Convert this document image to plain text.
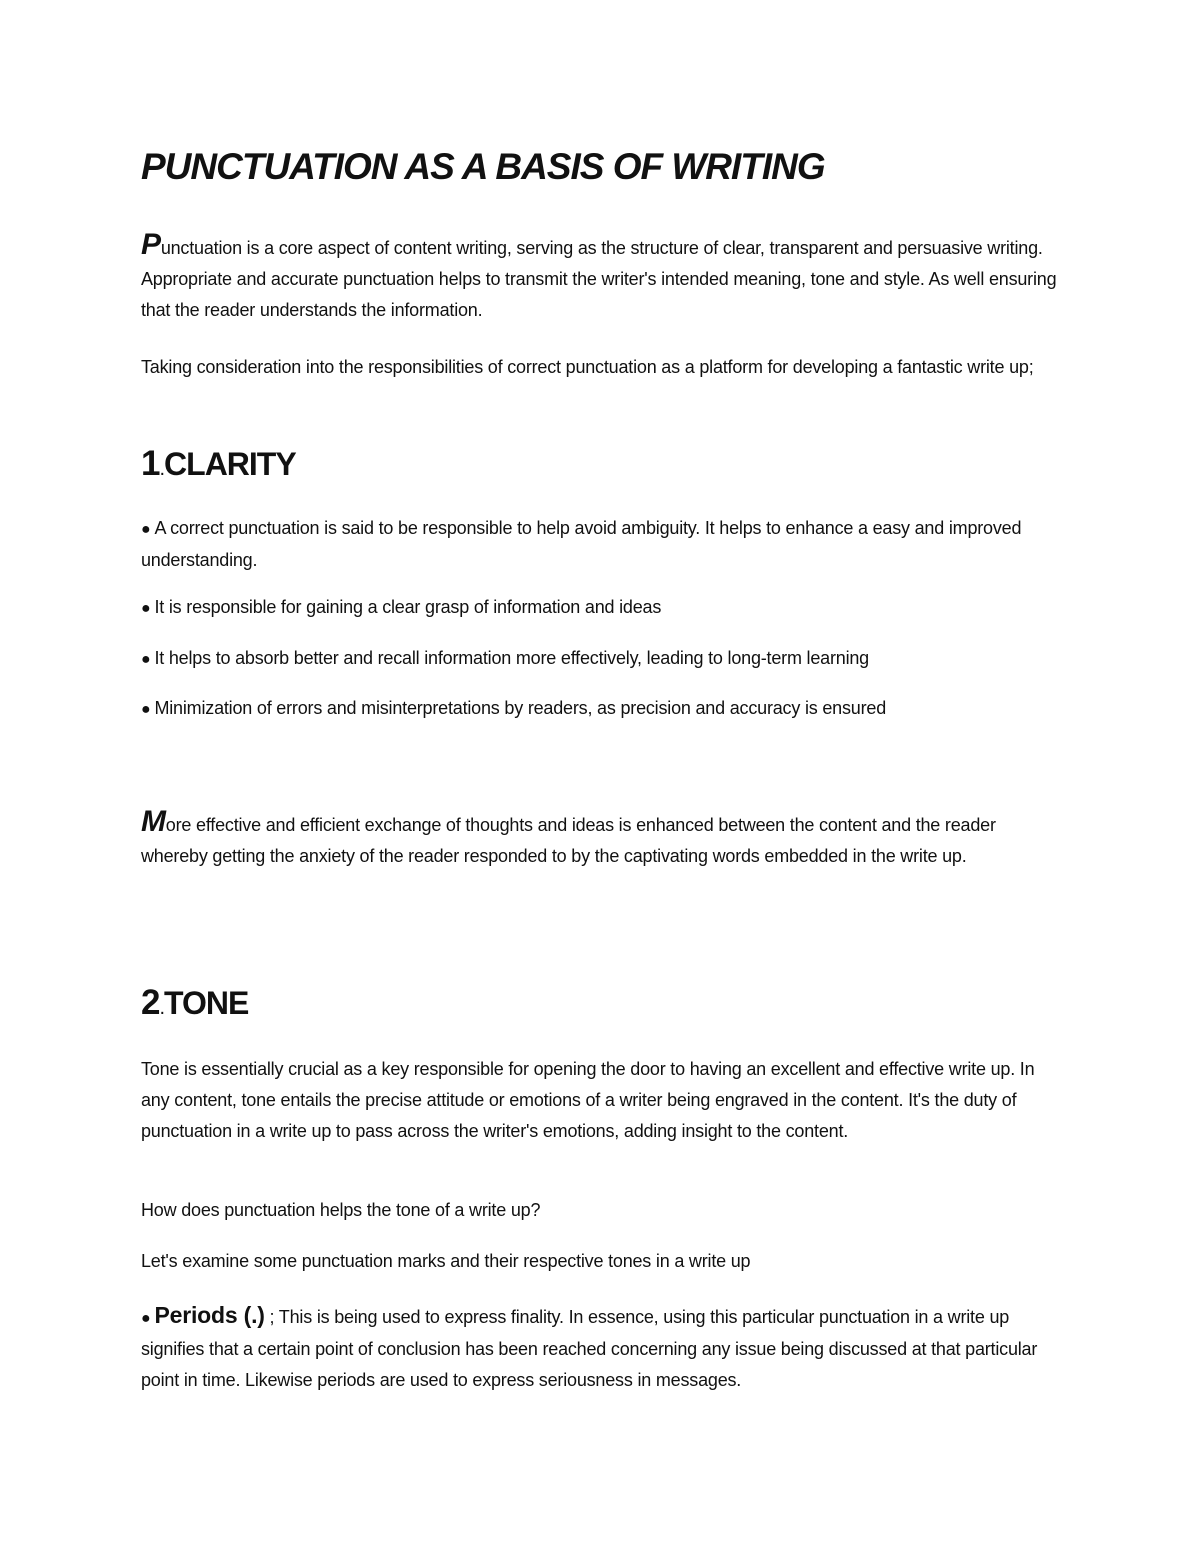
PUNCTUATION AS A BASIS OF WRITING

Punctuation is a core aspect of content writing, serving as the structure of clear, transparent and persuasive writing. Appropriate and accurate punctuation helps to transmit the writer's intended meaning, tone and style. As well ensuring that the reader understands the information.

Taking consideration into the responsibilities of correct punctuation as a platform for developing a fantastic write up;

1.CLARITY

● A correct punctuation is said to be responsible to help avoid ambiguity. It helps to enhance a easy and improved understanding.

● It is responsible for gaining a clear grasp of information and ideas

● It helps to absorb better and recall information more effectively, leading to long-term learning

● Minimization of errors and misinterpretations by readers, as precision and accuracy is ensured

More effective and efficient exchange of thoughts and ideas is enhanced between the content and the reader whereby getting the anxiety of the reader responded to by the captivating words embedded in the write up.

2.TONE

Tone is essentially crucial as a key responsible for opening the door to having an excellent and effective write up. In any content, tone entails the precise attitude or emotions of a writer being engraved in the content. It's the duty of punctuation in a write up to pass across the writer's emotions, adding insight to the content.

How does punctuation helps the tone of a write up?

Let's examine some punctuation marks and their respective tones in a write up

● Periods (.) ; This is being used to express finality. In essence, using this particular punctuation in a write up signifies that a certain point of conclusion has been reached concerning any issue being discussed at that particular point in time. Likewise periods are used to express seriousness in messages.
